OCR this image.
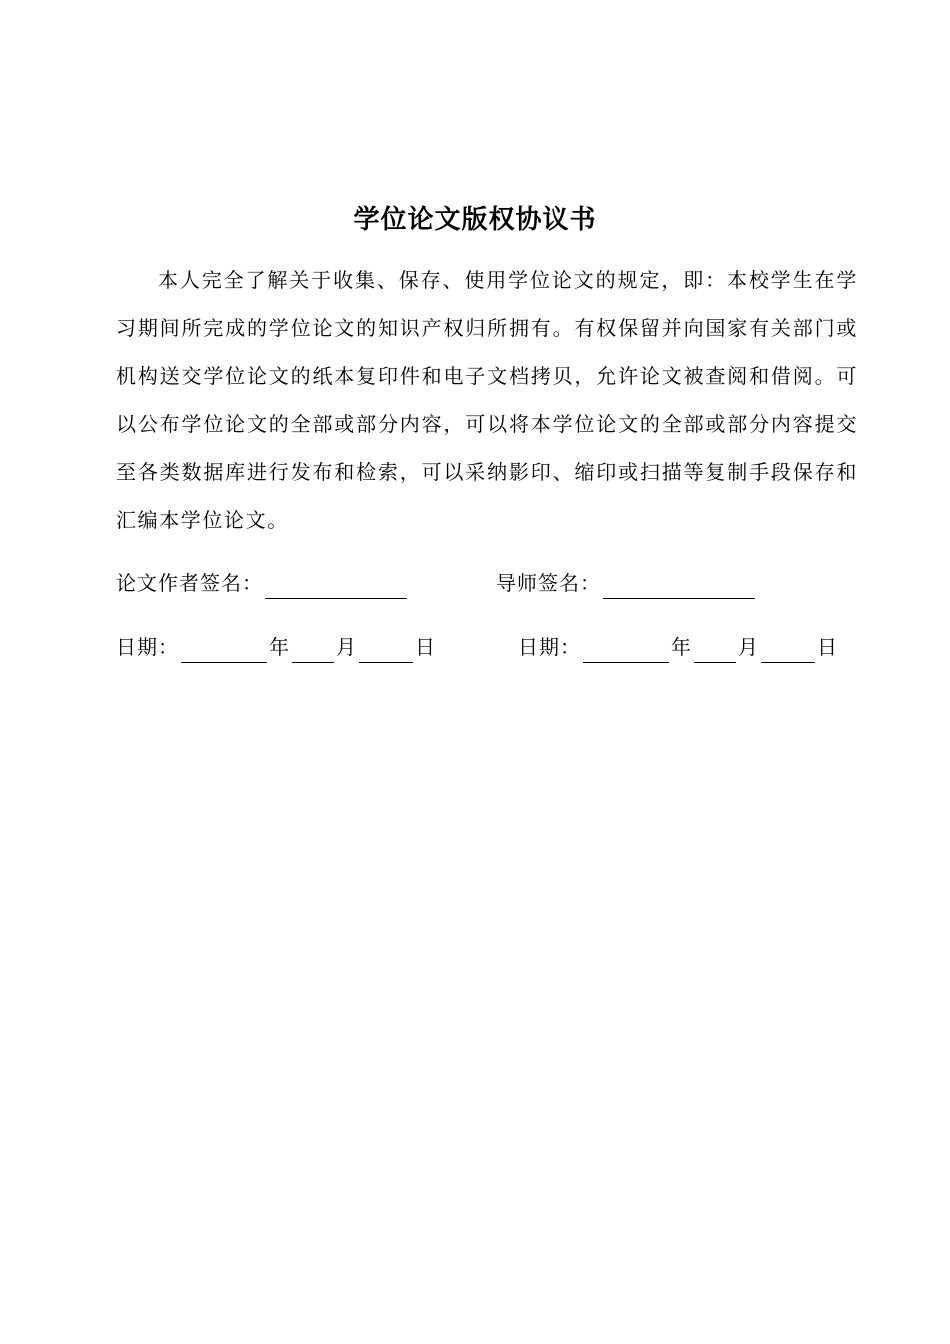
学位论文版权协议书

本人完全了解关于收集、保存、使用学位论文的规定，即：本校学生在学习期间所完成的学位论文的知识产权归所拥有。有权保留并向国家有关部门或机构送交学位论文的纸本复印件和电子文档拷贝，允许论文被查阅和借阅。可以公布学位论文的全部或部分内容，可以将本学位论文的全部或部分内容提交至各类数据库进行发布和检索，可以采纳影印、缩印或扫描等复制手段保存和汇编本学位论文。

论文作者签名：	导师签名：
日期：	年 月	日	日期：	年 月	日
